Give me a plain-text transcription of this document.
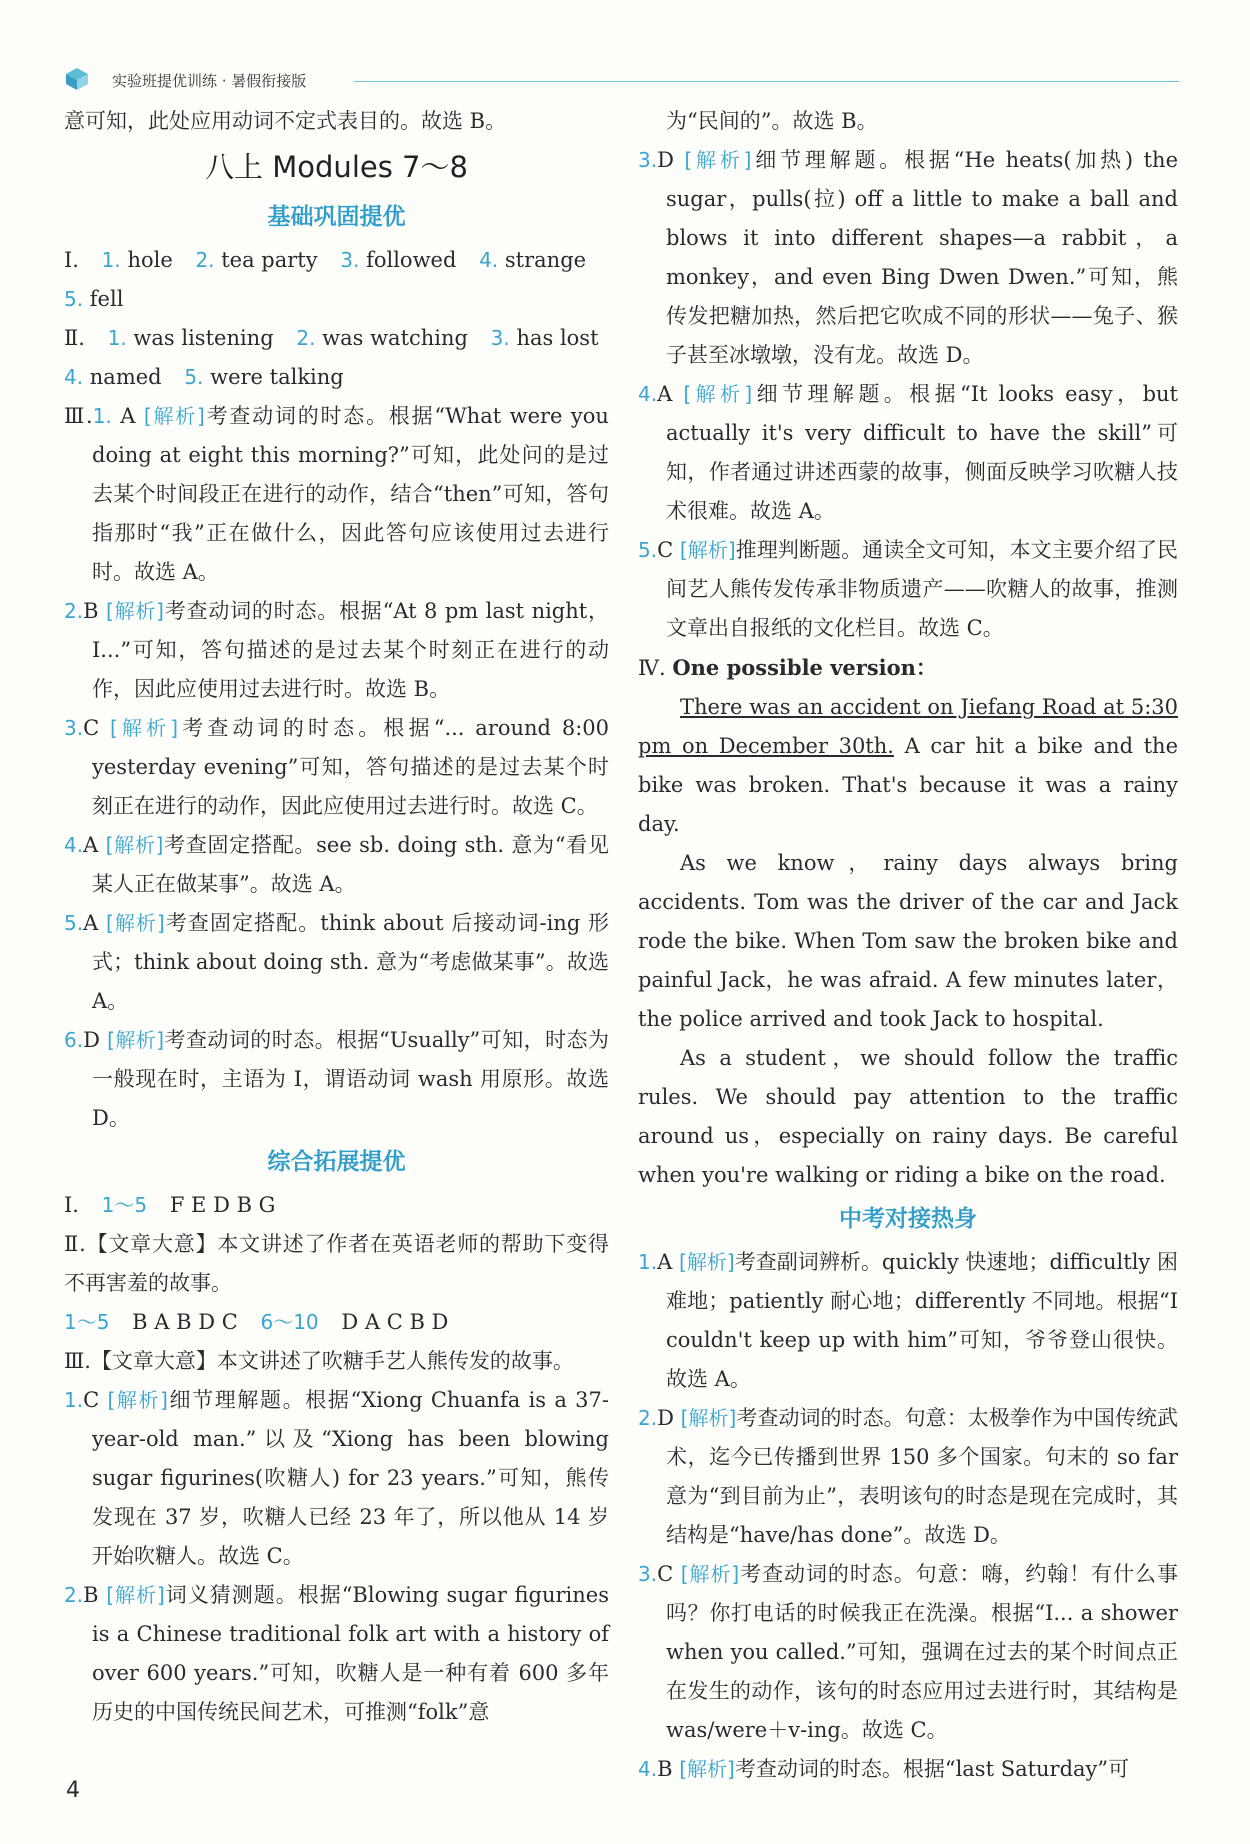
实验班提优训练 · 暑假衔接版

意可知，此处应用动词不定式表目的。故选 B。

八上 Modules 7～8
基础巩固提优

Ⅰ. 1. hole 2. tea party 3. followed 4. strange
5. fell

Ⅱ. 1. was listening 2. was watching 3. has lost
4. named 5. were talking

Ⅲ.1. A [解析]考查动词的时态。根据“What were you doing at eight this morning?”可知，此处问的是过去某个时间段正在进行的动作，结合“then”可知，答句指那时“我”正在做什么，因此答句应该使用过去进行时。故选 A。

2.B [解析]考查动词的时态。根据“At 8 pm last night，I...”可知，答句描述的是过去某个时刻正在进行的动作，因此应使用过去进行时。故选 B。

3.C [解析]考查动词的时态。根据“... around 8:00 yesterday evening”可知，答句描述的是过去某个时刻正在进行的动作，因此应使用过去进行时。故选 C。

4.A [解析]考查固定搭配。see sb. doing sth. 意为“看见某人正在做某事”。故选 A。

5.A [解析]考查固定搭配。think about 后接动词-ing 形式；think about doing sth. 意为“考虑做某事”。故选 A。

6.D [解析]考查动词的时态。根据“Usually”可知，时态为一般现在时，主语为 I，谓语动词 wash 用原形。故选 D。

综合拓展提优

Ⅰ. 1～5 F E D B G

Ⅱ.【文章大意】本文讲述了作者在英语老师的帮助下变得不再害羞的故事。

1～5 B A B D C 6～10 D A C B D

Ⅲ.【文章大意】本文讲述了吹糖手艺人熊传发的故事。

1.C [解析]细节理解题。根据“Xiong Chuanfa is a 37-year-old man.”以及“Xiong has been blowing sugar figurines(吹糖人) for 23 years.”可知，熊传发现在 37 岁，吹糖人已经 23 年了，所以他从 14 岁开始吹糖人。故选 C。

2.B [解析]词义猜测题。根据“Blowing sugar figurines is a Chinese traditional folk art with a history of over 600 years.”可知，吹糖人是一种有着 600 多年历史的中国传统民间艺术，可推测“folk”意

为“民间的”。故选 B。

3.D [解析]细节理解题。根据“He heats(加热) the sugar，pulls(拉) off a little to make a ball and blows it into different shapes—a rabbit，a monkey，and even Bing Dwen Dwen.”可知，熊传发把糖加热，然后把它吹成不同的形状——兔子、猴子甚至冰墩墩，没有龙。故选 D。

4.A [解析]细节理解题。根据“It looks easy，but actually it's very difficult to have the skill”可知，作者通过讲述西蒙的故事，侧面反映学习吹糖人技术很难。故选 A。

5.C [解析]推理判断题。通读全文可知，本文主要介绍了民间艺人熊传发传承非物质遗产——吹糖人的故事，推测文章出自报纸的文化栏目。故选 C。

Ⅳ. One possible version：

There was an accident on Jiefang Road at 5:30 pm on December 30th. A car hit a bike and the bike was broken. That's because it was a rainy day.

As we know，rainy days always bring accidents. Tom was the driver of the car and Jack rode the bike. When Tom saw the broken bike and painful Jack，he was afraid. A few minutes later，the police arrived and took Jack to hospital.

As a student，we should follow the traffic rules. We should pay attention to the traffic around us，especially on rainy days. Be careful when you're walking or riding a bike on the road.

中考对接热身

1.A [解析]考查副词辨析。quickly 快速地；difficultly 困难地；patiently 耐心地；differently 不同地。根据“I couldn't keep up with him”可知，爷爷登山很快。故选 A。

2.D [解析]考查动词的时态。句意：太极拳作为中国传统武术，迄今已传播到世界 150 多个国家。句末的 so far 意为“到目前为止”，表明该句的时态是现在完成时，其结构是“have/has done”。故选 D。

3.C [解析]考查动词的时态。句意：嗨，约翰！有什么事吗？你打电话的时候我正在洗澡。根据“I... a shower when you called.”可知，强调在过去的某个时间点正在发生的动作，该句的时态应用过去进行时，其结构是 was/were＋v-ing。故选 C。

4.B [解析]考查动词的时态。根据“last Saturday”可

4
